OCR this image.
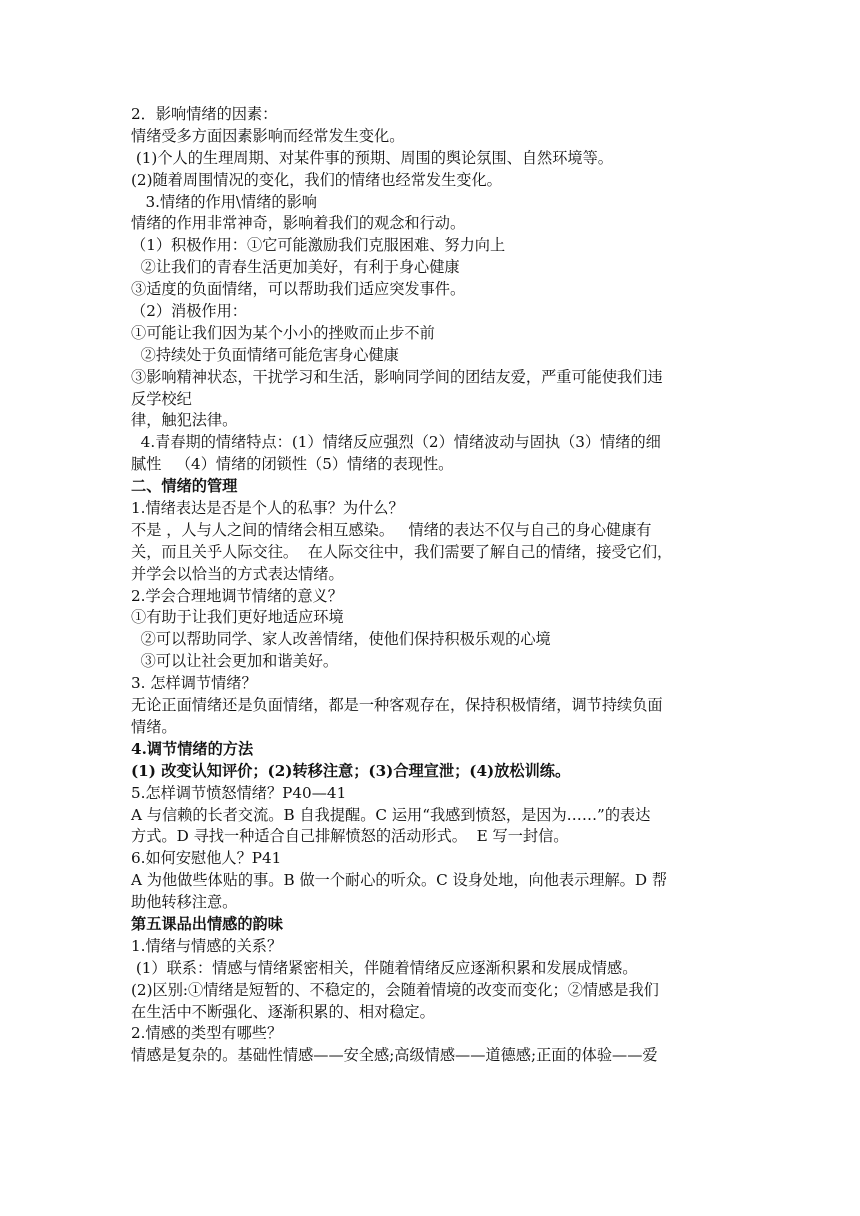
2．影响情绪的因素：
情绪受多方面因素影响而经常发生变化。
(1)个人的生理周期、对某件事的预期、周围的舆论氛围、自然环境等。
(2)随着周围情况的变化，我们的情绪也经常发生变化。
3.情绪的作用\情绪的影响
情绪的作用非常神奇，影响着我们的观念和行动。
（1）积极作用：①它可能激励我们克服困难、努力向上
②让我们的青春生活更加美好，有利于身心健康
③适度的负面情绪，可以帮助我们适应突发事件。
（2）消极作用：
①可能让我们因为某个小小的挫败而止步不前
②持续处于负面情绪可能危害身心健康
③影响精神状态，干扰学习和生活，影响同学间的团结友爱，严重可能使我们违
反学校纪
律，触犯法律。
4.青春期的情绪特点：(1）情绪反应强烈（2）情绪波动与固执（3）情绪的细
腻性   （4）情绪的闭锁性（5）情绪的表现性。
二、情绪的管理
1.情绪表达是否是个人的私事？为什么？
不是 ，人与人之间的情绪会相互感染。   情绪的表达不仅与自己的身心健康有
关，而且关乎人际交往。  在人际交往中，我们需要了解自己的情绪，接受它们，
并学会以恰当的方式表达情绪。
2.学会合理地调节情绪的意义？
①有助于让我们更好地适应环境
②可以帮助同学、家人改善情绪，使他们保持积极乐观的心境
③可以让社会更加和谐美好。
3. 怎样调节情绪？
无论正面情绪还是负面情绪，都是一种客观存在，保持积极情绪，调节持续负面
情绪。
4.调节情绪的方法
(1) 改变认知评价；(2)转移注意；(3)合理宣泄；(4)放松训练。
5.怎样调节愤怒情绪？P40—41
A 与信赖的长者交流。B 自我提醒。C 运用“我感到愤怒，是因为……”的表达
方式。D 寻找一种适合自己排解愤怒的活动形式。  E 写一封信。
6.如何安慰他人？P41
A 为他做些体贴的事。B 做一个耐心的听众。C 设身处地，向他表示理解。D 帮
助他转移注意。
第五课品出情感的韵味
1.情绪与情感的关系？
(1）联系：情感与情绪紧密相关，伴随着情绪反应逐渐积累和发展成情感。
(2)区别:①情绪是短暂的、不稳定的，会随着情境的改变而变化；②情感是我们
在生活中不断强化、逐渐积累的、相对稳定。
2.情感的类型有哪些？
情感是复杂的。基础性情感——安全感;高级情感——道德感;正面的体验——爱
